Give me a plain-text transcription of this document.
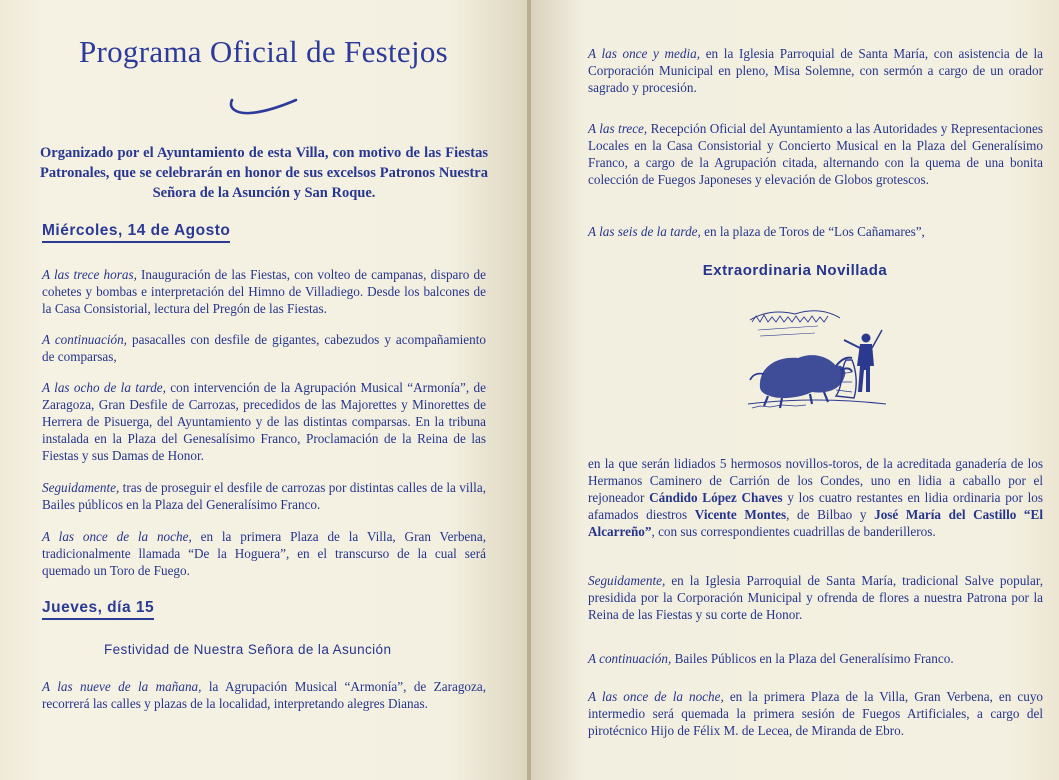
Programa Oficial de Festejos

Organizado por el Ayuntamiento de esta Villa, con motivo de las Fiestas Patronales, que se celebrarán en honor de sus excelsos Patronos Nuestra Señora de la Asunción y San Roque.

Miércoles, 14 de Agosto

A las trece horas, Inauguración de las Fiestas, con volteo de campanas, disparo de cohetes y bombas e interpretación del Himno de Villadiego. Desde los balcones de la Casa Consistorial, lectura del Pregón de las Fiestas.

A continuación, pasacalles con desfile de gigantes, cabezudos y acompañamiento de comparsas,

A las ocho de la tarde, con intervención de la Agrupación Musical “Armonía”, de Zaragoza, Gran Desfile de Carrozas, precedidos de las Majorettes y Minorettes de Herrera de Pisuerga, del Ayuntamiento y de las distintas comparsas. En la tribuna instalada en la Plaza del Genesalísimo Franco, Proclamación de la Reina de las Fiestas y sus Damas de Honor.

Seguidamente, tras de proseguir el desfile de carrozas por distintas calles de la villa, Bailes públicos en la Plaza del Generalísimo Franco.

A las once de la noche, en la primera Plaza de la Villa, Gran Verbena, tradicionalmente llamada “De la Hoguera”, en el transcurso de la cual será quemado un Toro de Fuego.

Jueves, día 15
Festividad de Nuestra Señora de la Asunción

A las nueve de la mañana, la Agrupación Musical “Armonía”, de Zaragoza, recorrerá las calles y plazas de la localidad, interpretando alegres Dianas.

A las once y media, en la Iglesia Parroquial de Santa María, con asistencia de la Corporación Municipal en pleno, Misa Solemne, con sermón a cargo de un orador sagrado y procesión.

A las trece, Recepción Oficial del Ayuntamiento a las Autoridades y Representaciones Locales en la Casa Consistorial y Concierto Musical en la Plaza del Generalísimo Franco, a cargo de la Agrupación citada, alternando con la quema de una bonita colección de Fuegos Japoneses y elevación de Globos grotescos.

A las seis de la tarde, en la plaza de Toros de “Los Cañamares”,

Extraordinaria Novillada

en la que serán lidiados 5 hermosos novillos-toros, de la acreditada ganadería de los Hermanos Caminero de Carrión de los Condes, uno en lidia a caballo por el rejoneador Cándido López Chaves y los cuatro restantes en lidia ordinaria por los afamados diestros Vicente Montes, de Bilbao y José María del Castillo “El Alcarreño”, con sus correspondientes cuadrillas de banderilleros.

Seguidamente, en la Iglesia Parroquial de Santa María, tradicional Salve popular, presidida por la Corporación Municipal y ofrenda de flores a nuestra Patrona por la Reina de las Fiestas y su corte de Honor.

A continuación, Bailes Públicos en la Plaza del Generalísimo Franco.

A las once de la noche, en la primera Plaza de la Villa, Gran Verbena, en cuyo intermedio será quemada la primera sesión de Fuegos Artificiales, a cargo del pirotécnico Hijo de Félix M. de Lecea, de Miranda de Ebro.
